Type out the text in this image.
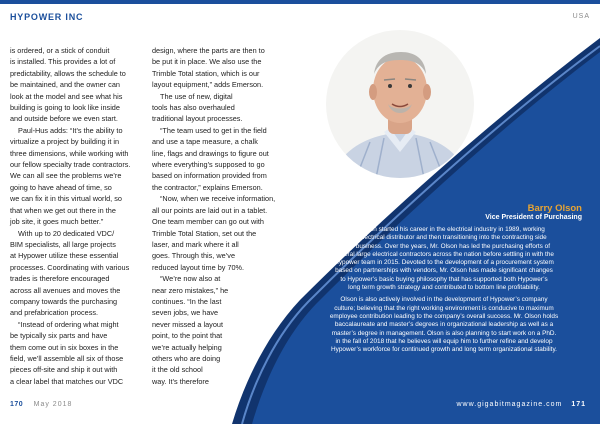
HYPOWER INC	USA

is ordered, or a stick of conduit

is installed. This provides a lot of

predictability, allows the schedule to

be maintained, and the owner can

look at the model and see what his

building is going to look like inside

and outside before we even start.

Paul-Hus adds: “It’s the ability to

virtualize a project by building it in

three dimensions, while working with

our fellow specialty trade contractors.

We can all see the problems we’re

going to have ahead of time, so

we can fix it in this virtual world, so

that when we get out there in the

job site, it goes much better.”

With up to 20 dedicated VDC/

BIM specialists, all large projects

at Hypower utilize these essential

processes. Coordinating with various

trades is therefore encouraged

across all avenues and moves the

company towards the purchasing

and prefabrication process.

“Instead of ordering what might

be typically six parts and have

them come out in six boxes in the

field, we’ll assemble all six of those

pieces off-site and ship it out with

a clear label that matches our VDC

design, where the parts are then to

be put it in place. We also use the

Trimble Total station, which is our

layout equipment,” adds Emerson.

The use of new, digital

tools has also overhauled

traditional layout processes.

“The team used to get in the field

and use a tape measure, a chalk

line, flags and drawings to figure out

where everything’s supposed to go

based on information provided from

the contractor,” explains Emerson.

“Now, when we receive information,

all our points are laid out in a tablet.

One team member can go out with

Trimble Total Station, set out the

laser, and mark where it all

goes. Through this, we’ve

reduced layout time by 70%.

“We’re now also at

near zero mistakes,” he

continues. “In the last

seven jobs, we have

never missed a layout

point, to the point that

we’re actually helping

others who are doing

it the old school

way. It’s therefore

Barry Olson
Vice President of Purchasing

Barry Olson started his career in the electrical industry in 1989, working

for an electrical distributor and then transitioning into the contracting side

of the business. Over the years, Mr. Olson has led the purchasing efforts of

several large electrical contractors across the nation before settling in with the

Hypower team in 2015. Devoted to the development of a procurement system

based on partnerships with vendors, Mr. Olson has made significant changes

to Hypower’s basic buying philosophy that has supported both Hypower’s

long term growth strategy and contributed to bottom line profitability.

Olson is also actively involved in the development of Hypower’s company

culture; believing that the right working environment is conducive to maximum

employee contribution leading to the company’s overall success. Mr. Olson holds

baccalaureate and master’s degrees in organizational leadership as well as a

master’s degree in management. Olson is also planning to start work on a PhD.

in the fall of 2018 that he believes will equip him to further refine and develop

Hypower’s workforce for continued growth and long term organizational stability.

170 May 2018	www.gigabitmagazine.com 171
